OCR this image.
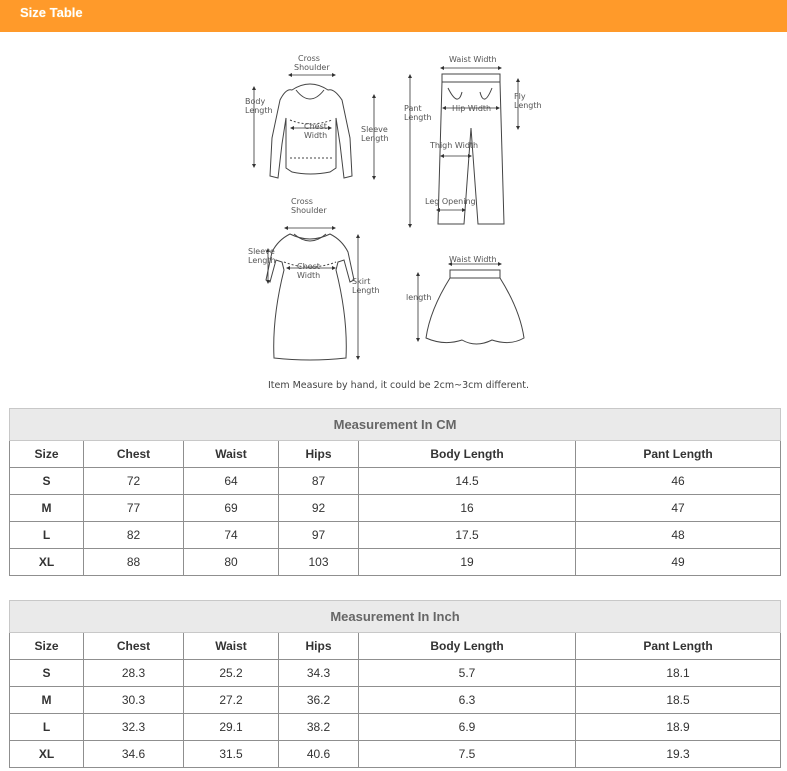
Size Table
Cross
Shoulder
Body
Length
Chest
Width
Sleeve
Length
Waist Width
Pant
Length
Hip Width
Fly
Length
Thigh Width
Leg Opening
Cross
Shoulder
Sleeve
Length
Chest
Width
Skirt
Length
Waist Width
length
Item Measure by hand, it could be 2cm~3cm different.
Measurement In CM					
Size	Chest	Waist	Hips	Body Length	Pant Length
S	72	64	87	14.5	46
M	77	69	92	16	47
L	82	74	97	17.5	48
XL	88	80	103	19	49
Measurement In Inch					
Size	Chest	Waist	Hips	Body Length	Pant Length
S	28.3	25.2	34.3	5.7	18.1
M	30.3	27.2	36.2	6.3	18.5
L	32.3	29.1	38.2	6.9	18.9
XL	34.6	31.5	40.6	7.5	19.3
